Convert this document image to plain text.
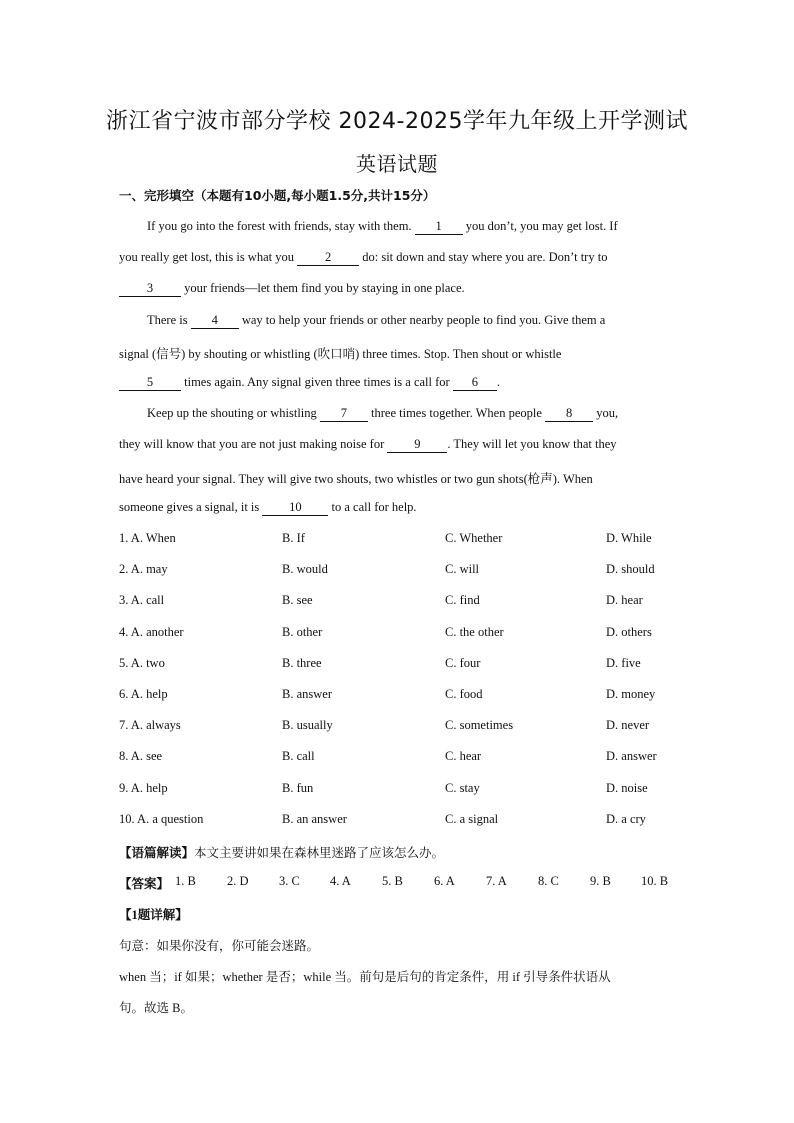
浙江省宁波市部分学校 2024-2025学年九年级上开学测试
英语试题
一、完形填空（本题有10小题,每小题1.5分,共计15分）
If you go into the forest with friends, stay with them. 1 you don’t, you may get lost. If
you really get lost, this is what you 2 do: sit down and stay where you are. Don’t try to
3 your friends—let them find you by staying in one place.
There is 4 way to help your friends or other nearby people to find you. Give them a
signal (信号) by shouting or whistling (吹口哨) three times. Stop. Then shout or whistle
5 times again. Any signal given three times is a call for 6 .
Keep up the shouting or whistling 7 three times together. When people 8 you,
they will know that you are not just making noise for 9 . They will let you know that they
have heard your signal. They will give two shouts, two whistles or two gun shots(枪声). When
someone gives a signal, it is 10 to a call for help.
1. A. When	B. If	C. Whether	D. While
2. A. may	B. would	C. will	D. should
3. A. call	B. see	C. find	D. hear
4. A. another	B. other	C. the other	D. others
5. A. two	B. three	C. four	D. five
6. A. help	B. answer	C. food	D. money
7. A. always	B. usually	C. sometimes	D. never
8. A. see	B. call	C. hear	D. answer
9. A. help	B. fun	C. stay	D. noise
10. A. a question	B. an answer	C. a signal	D. a cry
【语篇解读】本文主要讲如果在森林里迷路了应该怎么办。
【答案】 1. B 2. D 3. C 4. A 5. B 6. A 7. A 8. C 9. B 10. B
【1题详解】
句意：如果你没有，你可能会迷路。
when 当；if 如果；whether 是否；while 当。前句是后句的肯定条件，用 if 引导条件状语从
句。故选 B。
